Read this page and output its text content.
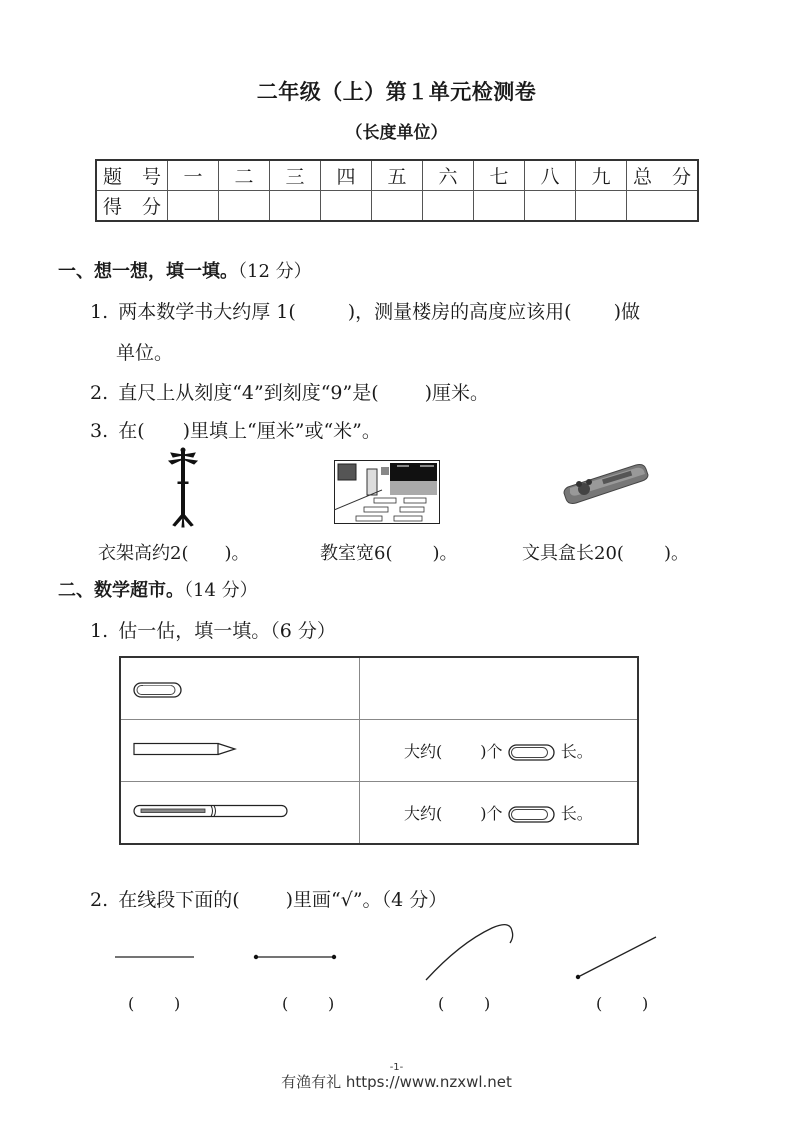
二年级（上）第１单元检测卷
（长度单位）
题 号	一	二	三	四	五	六	七	八	九	总 分

得 分										

一、想一想，填一填。（12 分）
1. 两本数学书大约厚 1(	)，测量楼房的高度应该用( )做
单位。
2. 直尺上从刻度“4”到刻度“9”是( )厘米。
3. 在( )里填上“厘米”或“米”。
衣架高约2( )。	教室宽6( )。	文具盒长20( )。
二、数学超市。（14 分）
1. 估一估，填一填。（6 分）

	大约( )个 长。
	大约( )个 长。
2. 在线段下面的( )里画“√”。（4 分）
( )	( )	( )	( )
-1-
有渔有礼 https://www.nzxwl.net
